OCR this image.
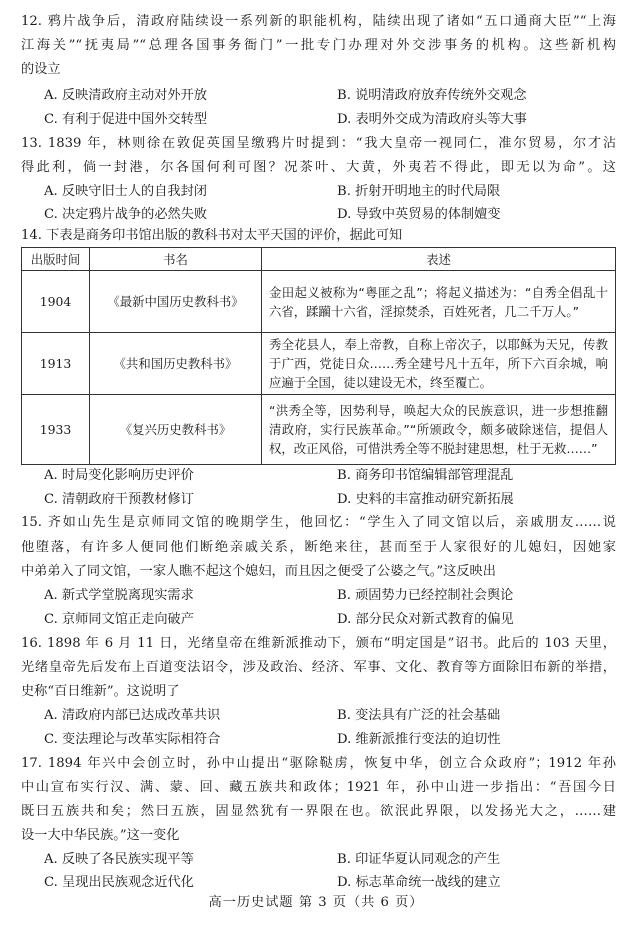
12. 鸦片战争后，清政府陆续设一系列新的职能机构，陆续出现了诸如“五口通商大臣”“上海
江海关”“抚夷局”“总理各国事务衙门”一批专门办理对外交涉事务的机构。这些新机构
的设立
A. 反映清政府主动对外开放	B. 说明清政府放弃传统外交观念
C. 有利于促进中国外交转型	D. 表明外交成为清政府头等大事
13. 1839 年，林则徐在敦促英国呈缴鸦片时提到：“我大皇帝一视同仁，准尔贸易，尔才沾
得此利，倘一封港，尔各国何利可图？况茶叶、大黄，外夷若不得此，即无以为命”。这
A. 反映守旧士人的自我封闭	B. 折射开明地主的时代局限
C. 决定鸦片战争的必然失败	D. 导致中英贸易的体制嬗变
14. 下表是商务印书馆出版的教科书对太平天国的评价，据此可知
出版时间	书名	表述
1904	《最新中国历史教科书》	金田起义被称为“粤匪之乱”；将起义描述为：“自秀全倡乱十六省，蹂躏十六省，淫掠焚杀，百姓死者，几二千万人。”
1913	《共和国历史教科书》	秀全花县人，奉上帝教，自称上帝次子，以耶稣为天兄，传教于广西，党徒日众……秀全建号凡十五年，所下六百余城，响应遍于全国，徒以建设无术，终至覆亡。
1933	《复兴历史教科书》	“洪秀全等，因势利导，唤起大众的民族意识，进一步想推翻清政府，实行民族革命。”“所颁政令，颇多破除迷信，提倡人权，改正风俗，可惜洪秀全等不脱封建思想，杜于无救……”
A. 时局变化影响历史评价	B. 商务印书馆编辑部管理混乱
C. 清朝政府干预教材修订	D. 史料的丰富推动研究新拓展
15. 齐如山先生是京师同文馆的晚期学生，他回忆：“学生入了同文馆以后，亲戚朋友……说
他堕落，有许多人便同他们断绝亲戚关系，断绝来往，甚而至于人家很好的儿媳妇，因她家
中弟弟入了同文馆，一家人瞧不起这个媳妇，而且因之便受了公婆之气。”这反映出
A. 新式学堂脱离现实需求	B. 顽固势力已经控制社会舆论
C. 京师同文馆正走向破产	D. 部分民众对新式教育的偏见
16. 1898 年 6 月 11 日，光绪皇帝在维新派推动下，颁布“明定国是”诏书。此后的 103 天里，
光绪皇帝先后发布上百道变法诏令，涉及政治、经济、军事、文化、教育等方面除旧布新的举措，
史称“百日维新”。这说明了
A. 清政府内部已达成改革共识	B. 变法具有广泛的社会基础
C. 变法理论与改革实际相符合	D. 维新派推行变法的迫切性
17. 1894 年兴中会创立时，孙中山提出“驱除鞑虏，恢复中华，创立合众政府”；1912 年孙
中山宣布实行汉、满、蒙、回、藏五族共和政体；1921 年，孙中山进一步指出：“吾国今日
既曰五族共和矣；然曰五族，固显然犹有一界限在也。欲泯此界限，以发扬光大之，……建
设一大中华民族。”这一变化
A. 反映了各民族实现平等	B. 印证华夏认同观念的产生
C. 呈现出民族观念近代化	D. 标志革命统一战线的建立
高一历史试题 第 3 页（共 6 页）
